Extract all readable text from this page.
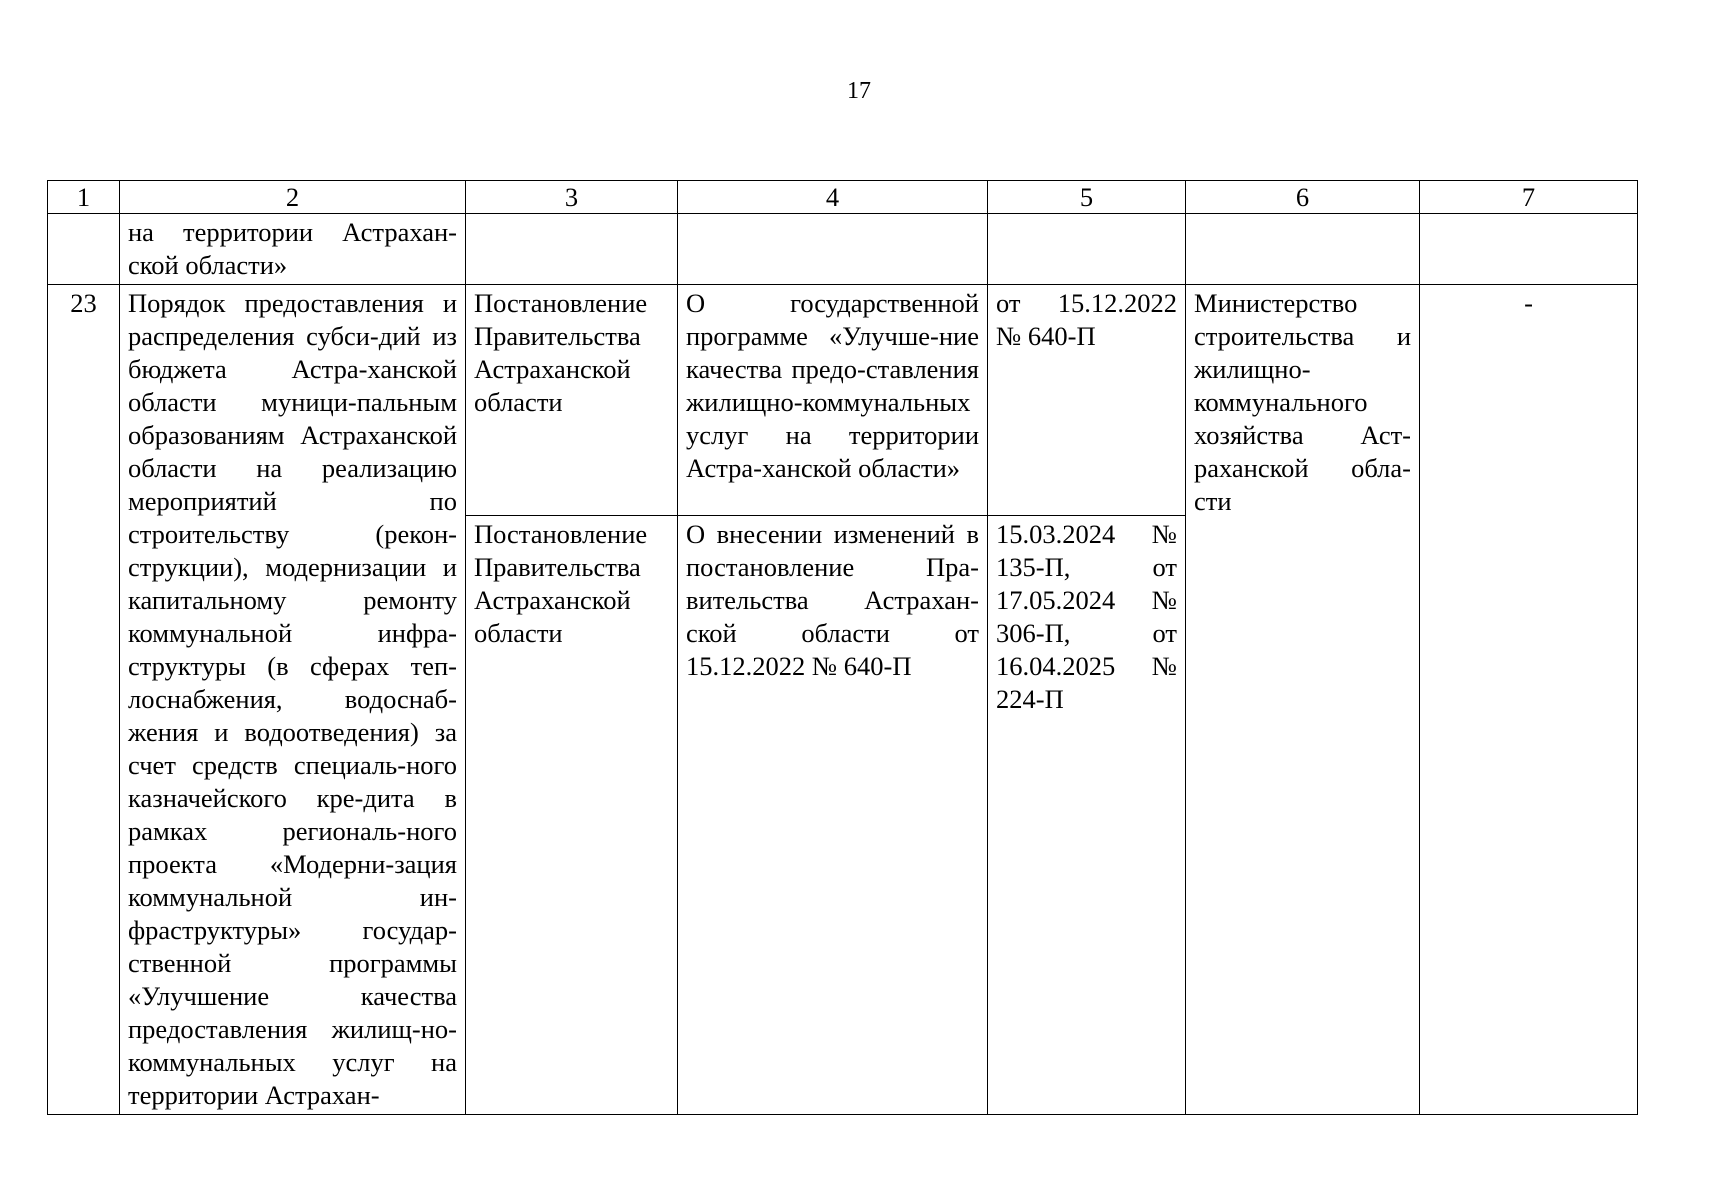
17
1	2	3	4	5	6	7
	на территории Астрахан-ской области»					
23	Порядок предоставления и распределения субси-дий из бюджета Астра-ханской области муници-пальным образованиям Астраханской области на реализацию мероприятий по строительству (рекон-струкции), модернизации и капитальному ремонту коммунальной инфра-структуры (в сферах теп-лоснабжения, водоснаб-жения и водоотведения) за счет средств специаль-ного казначейского кре-дита в рамках региональ-ного проекта «Модерни-зация коммунальной ин-фраструктуры» государ-ственной программы «Улучшение качества предоставления жилищ-но-коммунальных услуг на территории Астрахан-	Постановление Правительства Астраханской области	О государственной программе «Улучше-ние качества предо-ставления жилищно-коммунальных услуг на территории Астра-ханской области»	от 15.12.2022 № 640-П	Министерство строительства и жилищно-коммунального хозяйства Аст-раханской обла-сти	-
		Постановление Правительства Астраханской области	О внесении изменений в постановление Пра-вительства Астрахан-ской области от 15.12.2022 № 640-П	15.03.2024 № 135-П, от 17.05.2024 № 306-П, от 16.04.2025 № 224-П		
